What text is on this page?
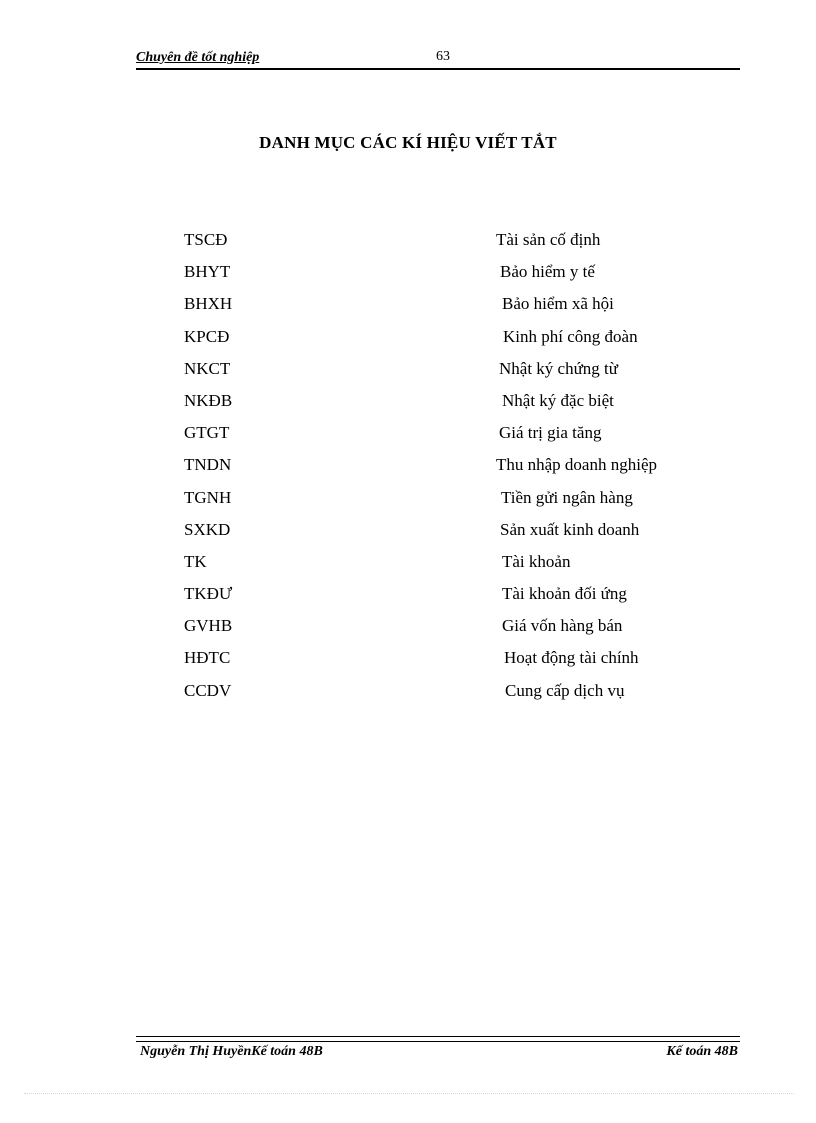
Chuyên đề tốt nghiệp	63
DANH MỤC CÁC KÍ HIỆU VIẾT TẮT
TSCĐ	Tài sản cố định
BHYT	Bảo hiểm y tế
BHXH	Bảo hiểm xã hội
KPCĐ	Kinh phí công đoàn
NKCT	Nhật ký chứng từ
NKĐB	Nhật ký đặc biệt
GTGT	Giá trị gia tăng
TNDN	Thu nhập doanh nghiệp
TGNH	Tiền gửi ngân hàng
SXKD	Sản xuất kinh doanh
TK	Tài khoản
TKĐƯ	Tài khoản đối ứng
GVHB	Giá vốn hàng bán
HĐTC	Hoạt động tài chính
CCDV	Cung cấp dịch vụ
Nguyễn Thị HuyềnKế toán 48B	Kế toán 48B
